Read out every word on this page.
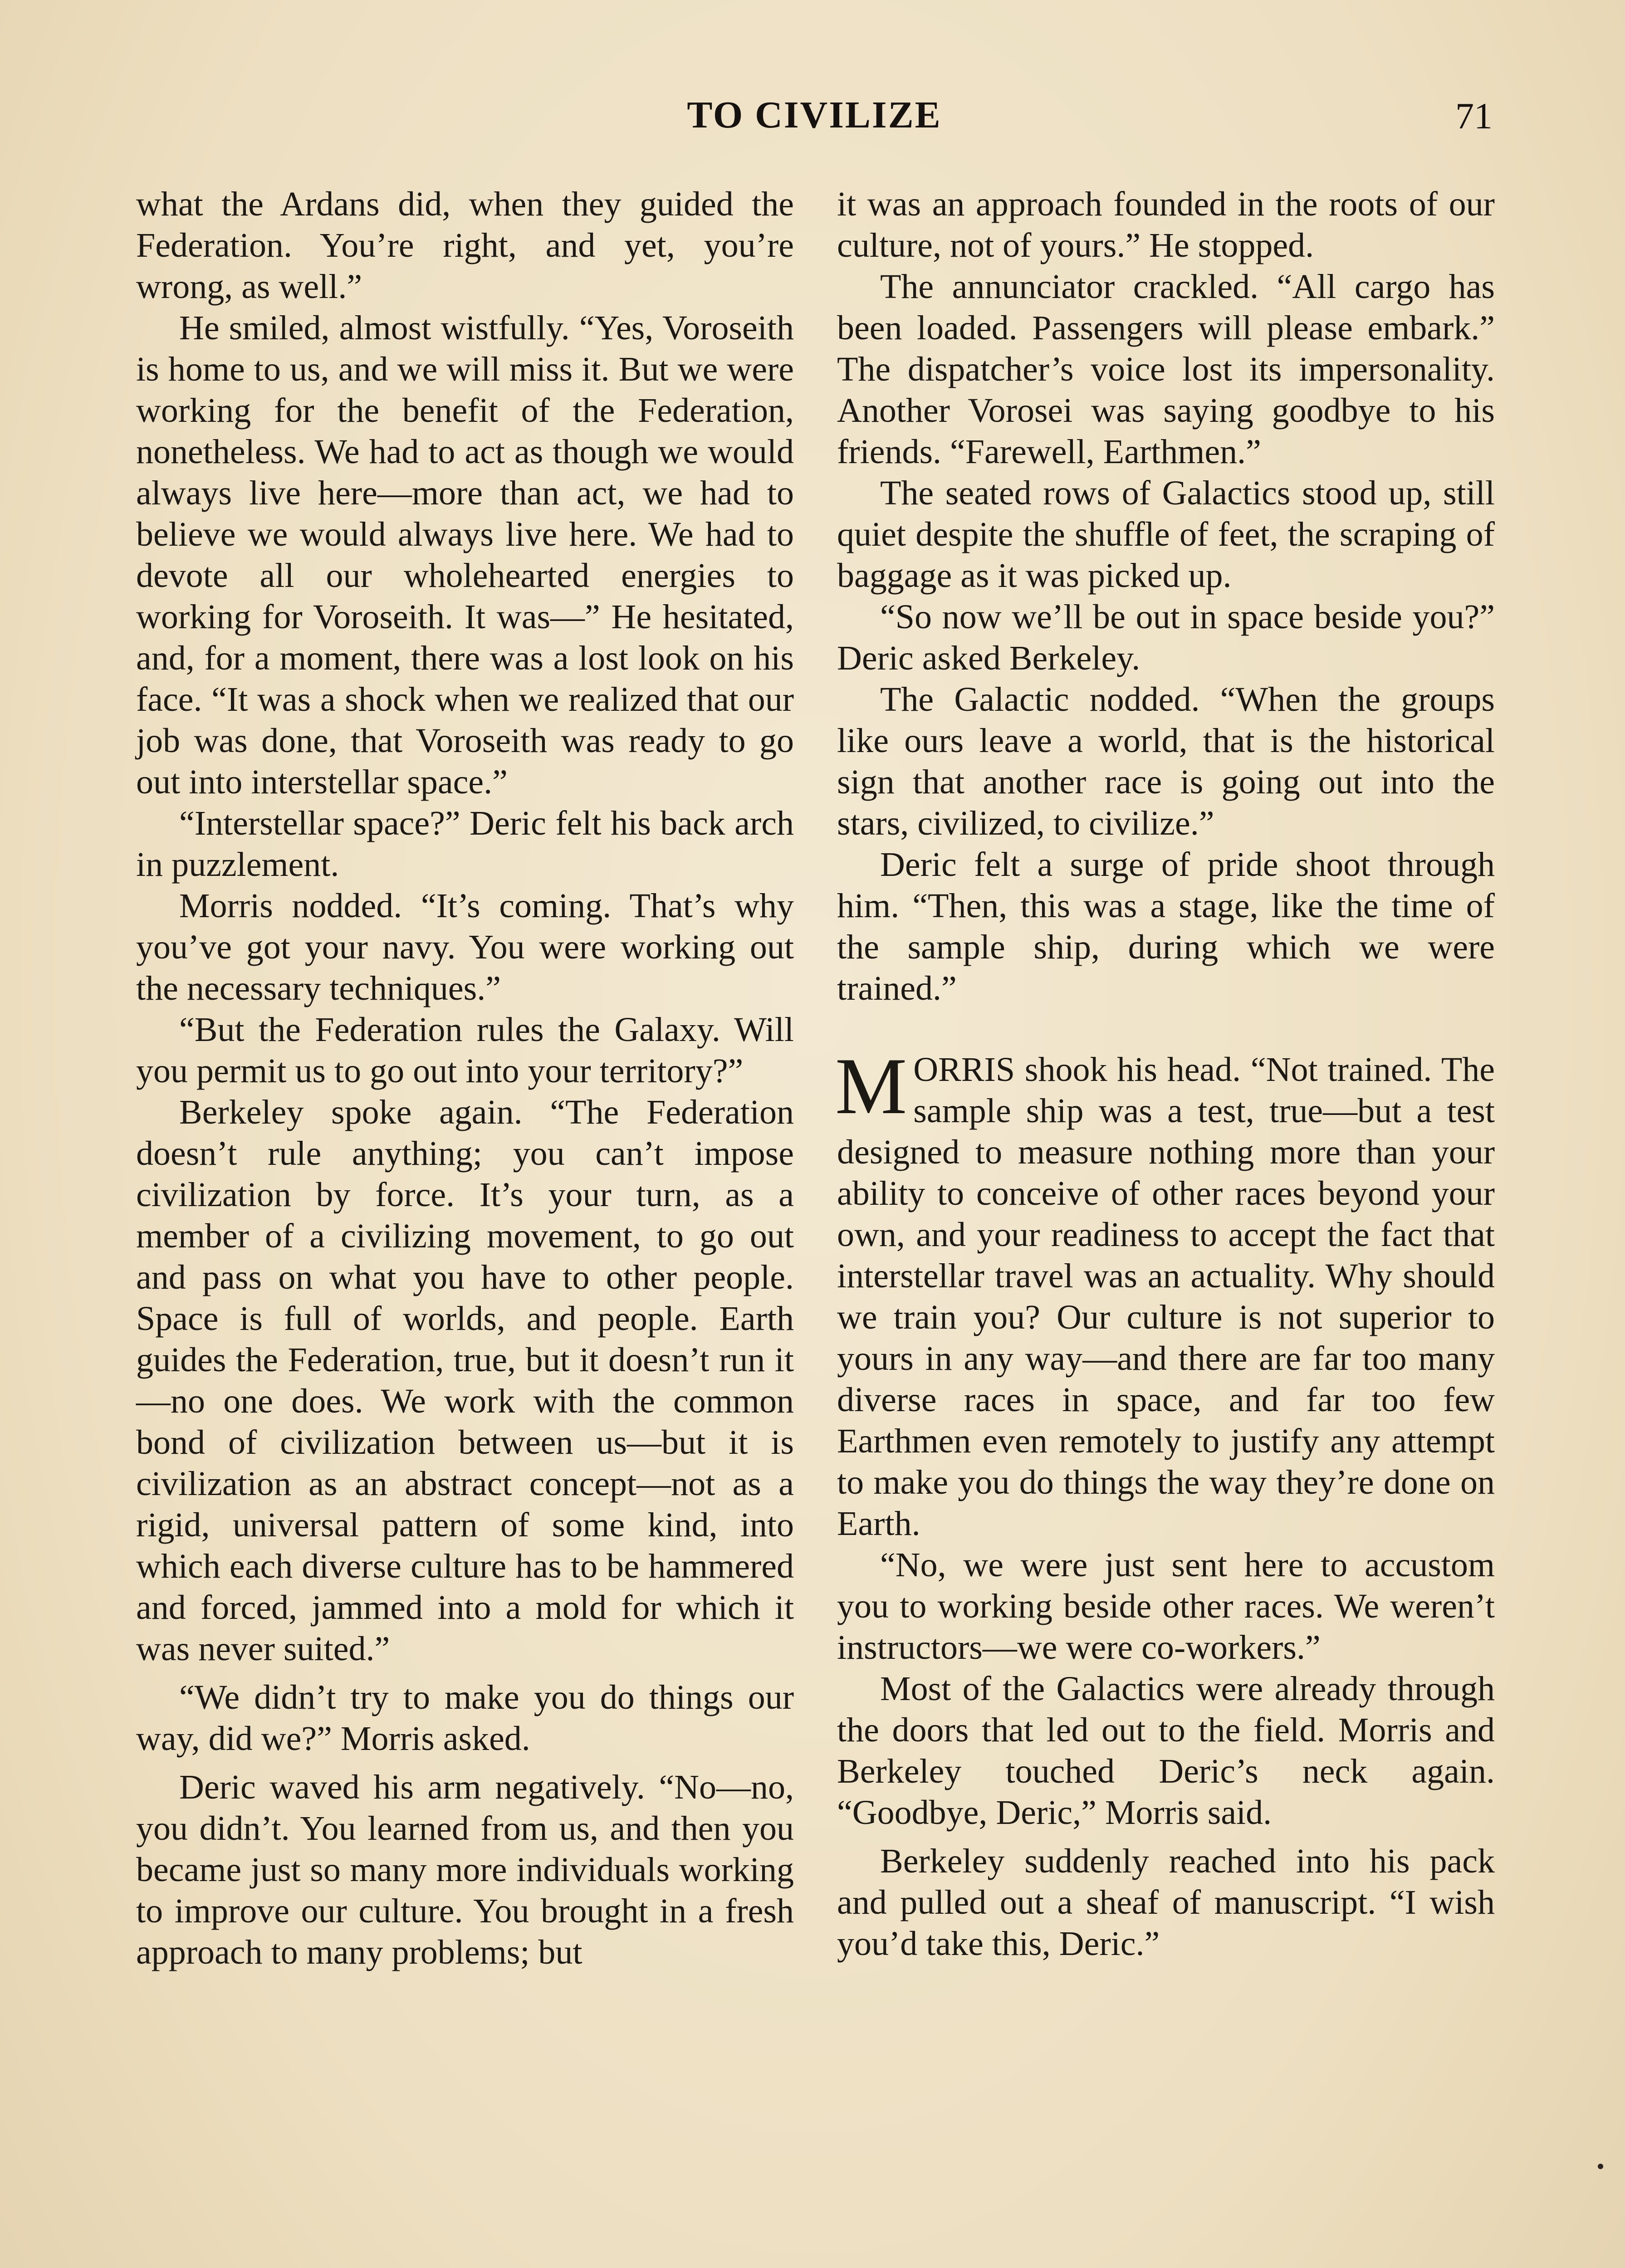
TO CIVILIZE	71

what the Ardans did, when they guided the Federation. You’re right, and yet, you’re wrong, as well.”

He smiled, almost wistfully. “Yes, Voroseith is home to us, and we will miss it. But we were working for the benefit of the Federation, nonetheless. We had to act as though we would always live here—more than act, we had to believe we would always live here. We had to devote all our wholehearted energies to working for Voroseith. It was—” He hesitated, and, for a moment, there was a lost look on his face. “It was a shock when we realized that our job was done, that Voroseith was ready to go out into interstellar space.”

“Interstellar space?” Deric felt his back arch in puzzlement.

Morris nodded. “It’s coming. That’s why you’ve got your navy. You were working out the necessary techniques.”

“But the Federation rules the Galaxy. Will you permit us to go out into your territory?”

Berkeley spoke again. “The Federation doesn’t rule anything; you can’t impose civilization by force. It’s your turn, as a member of a civilizing movement, to go out and pass on what you have to other people. Space is full of worlds, and people. Earth guides the Federation, true, but it doesn’t run it—no one does. We work with the common bond of civilization between us—but it is civilization as an abstract concept—not as a rigid, universal pattern of some kind, into which each diverse culture has to be hammered and forced, jammed into a mold for which it was never suited.”

“We didn’t try to make you do things our way, did we?” Morris asked.

Deric waved his arm negatively. “No—no, you didn’t. You learned from us, and then you became just so many more individuals working to improve our culture. You brought in a fresh approach to many problems; but

it was an approach founded in the roots of our culture, not of yours.” He stopped.

The annunciator crackled. “All cargo has been loaded. Passengers will please embark.” The dispatcher’s voice lost its impersonality. Another Vorosei was saying goodbye to his friends. “Farewell, Earthmen.”

The seated rows of Galactics stood up, still quiet despite the shuffle of feet, the scraping of baggage as it was picked up.

“So now we’ll be out in space beside you?” Deric asked Berkeley.

The Galactic nodded. “When the groups like ours leave a world, that is the historical sign that another race is going out into the stars, civilized, to civilize.”

Deric felt a surge of pride shoot through him. “Then, this was a stage, like the time of the sample ship, during which we were trained.”

MORRIS shook his head. “Not trained. The sample ship was a test, true—but a test designed to measure nothing more than your ability to conceive of other races beyond your own, and your readiness to accept the fact that interstellar travel was an actuality. Why should we train you? Our culture is not superior to yours in any way—and there are far too many diverse races in space, and far too few Earthmen even remotely to justify any attempt to make you do things the way they’re done on Earth.

“No, we were just sent here to accustom you to working beside other races. We weren’t instructors—we were co-workers.”

Most of the Galactics were already through the doors that led out to the field. Morris and Berkeley touched Deric’s neck again. “Goodbye, Deric,” Morris said.

Berkeley suddenly reached into his pack and pulled out a sheaf of manuscript. “I wish you’d take this, Deric.”
